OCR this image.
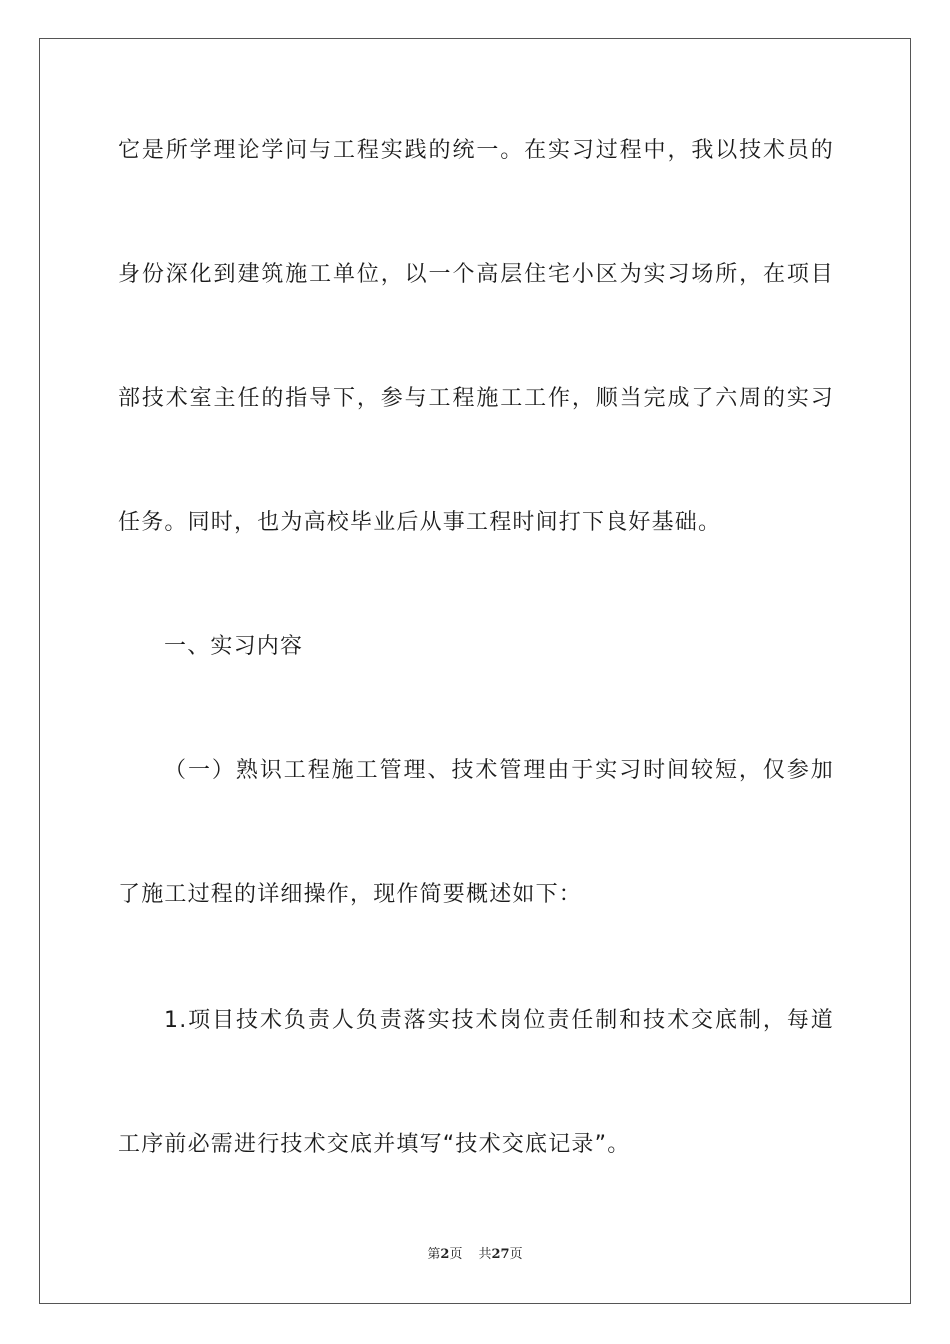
它是所学理论学问与工程实践的统一。在实习过程中，我以技术员的
身份深化到建筑施工单位，以一个高层住宅小区为实习场所，在项目
部技术室主任的指导下，参与工程施工工作，顺当完成了六周的实习
任务。同时，也为高校毕业后从事工程时间打下良好基础。
一、实习内容
（一）熟识工程施工管理、技术管理由于实习时间较短，仅参加
了施工过程的详细操作，现作简要概述如下：
1.项目技术负责人负责落实技术岗位责任制和技术交底制，每道
工序前必需进行技术交底并填写“技术交底记录”。
第2页 共27页
